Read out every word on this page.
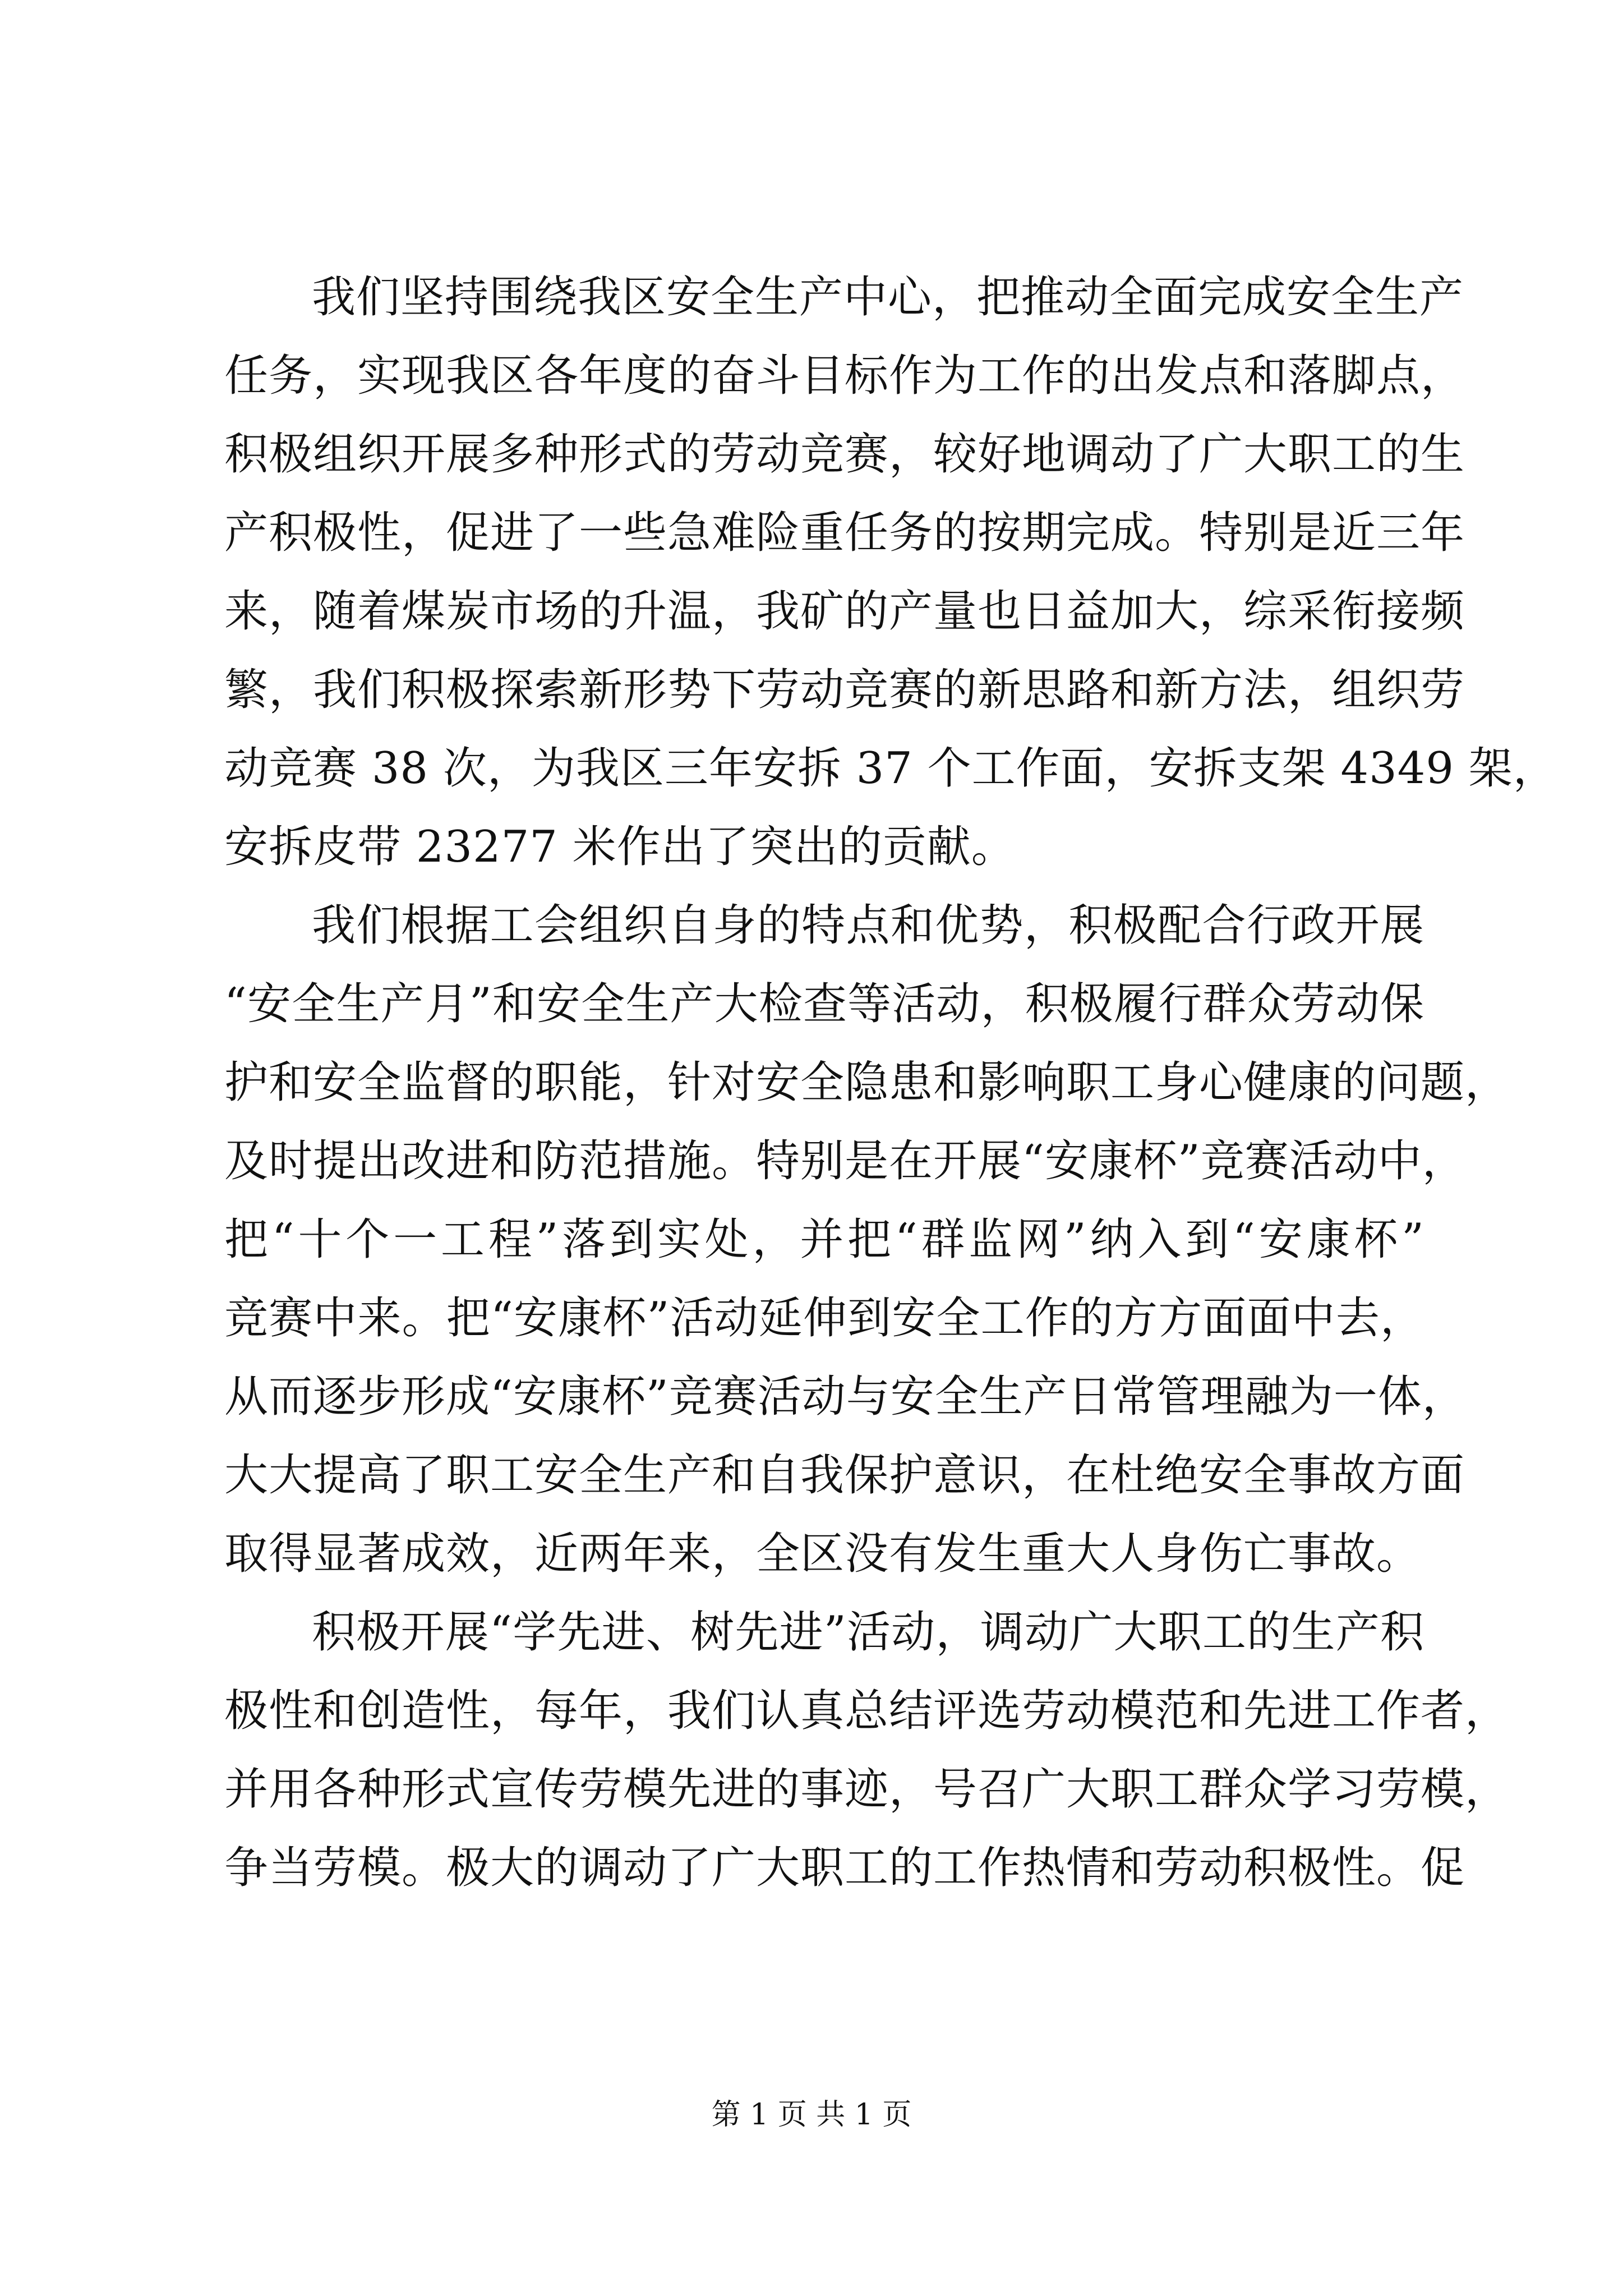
我们坚持围绕我区安全生产中心，把推动全面完成安全生产
任务，实现我区各年度的奋斗目标作为工作的出发点和落脚点，
积极组织开展多种形式的劳动竞赛，较好地调动了广大职工的生
产积极性，促进了一些急难险重任务的按期完成。特别是近三年
来，随着煤炭市场的升温，我矿的产量也日益加大，综采衔接频
繁，我们积极探索新形势下劳动竞赛的新思路和新方法，组织劳
动竞赛 38 次，为我区三年安拆 37 个工作面，安拆支架 4349 架，
安拆皮带 23277 米作出了突出的贡献。
我们根据工会组织自身的特点和优势，积极配合行政开展
“安全生产月”和安全生产大检查等活动，积极履行群众劳动保
护和安全监督的职能，针对安全隐患和影响职工身心健康的问题，
及时提出改进和防范措施。特别是在开展“安康杯”竞赛活动中，
把“十个一工程”落到实处，并把“群监网”纳入到“安康杯”
竞赛中来。把“安康杯”活动延伸到安全工作的方方面面中去，
从而逐步形成“安康杯”竞赛活动与安全生产日常管理融为一体，
大大提高了职工安全生产和自我保护意识，在杜绝安全事故方面
取得显著成效，近两年来，全区没有发生重大人身伤亡事故。
积极开展“学先进、树先进”活动，调动广大职工的生产积
极性和创造性，每年，我们认真总结评选劳动模范和先进工作者，
并用各种形式宣传劳模先进的事迹，号召广大职工群众学习劳模，
争当劳模。极大的调动了广大职工的工作热情和劳动积极性。促
第 1 页 共 1 页
